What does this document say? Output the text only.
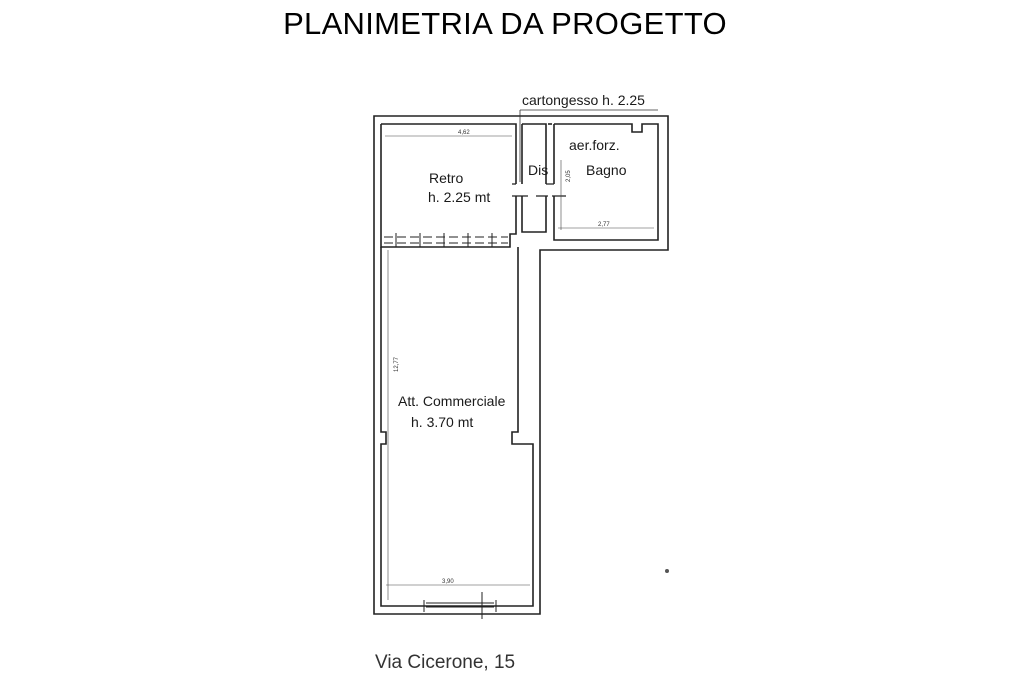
PLANIMETRIA DA PROGETTO
4,62
2,77
3,90
2,05
12,77
cartongesso h. 2.25
aer.forz.
Bagno
Dis
Retro
h. 2.25 mt
Att. Commerciale
h. 3.70 mt
Via Cicerone, 15
